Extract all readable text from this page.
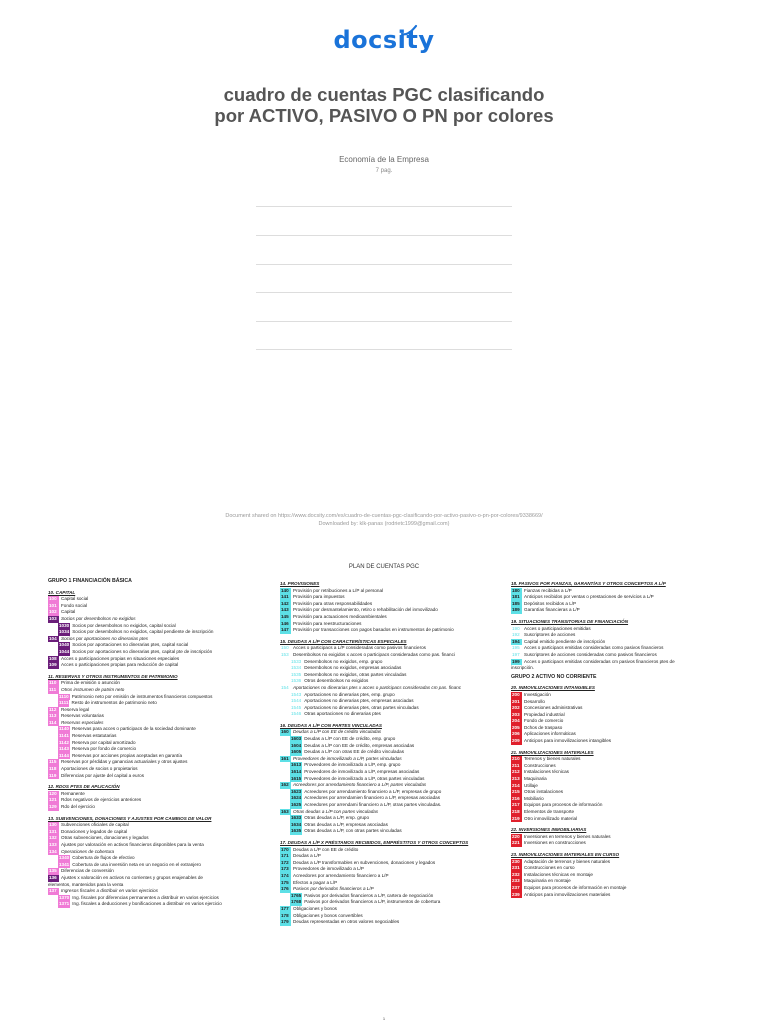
docsity
cuadro de cuentas PGC clasificando por ACTIVO, PASIVO O PN por colores
Economía de la Empresa
7 pag.
Document shared on https://www.docsity.com/es/cuadro-de-cuentas-pgc-clasificando-por-activo-pasivo-o-pn-por-colores/9338669/
Downloaded by: klk-panas (rodrietc1999@gmail.com)
PLAN DE CUENTAS PGC
GRUPO 1 FINANCIACIÓN BÁSICA
10. CAPITAL
100 Capital social
101 Fondo social
102 Capital
103 Socios por desembolsos no exigidos
1030 Socios por desembolsos no exigidos, capital social
1034 Socios por desembolsos no exigidos, capital pendiente de inscripción
104 Socios por aportaciones no dinerarias ptes
1040 Socios por aportaciones no dinerarias ptes, capital social
1044 Socios por aportaciones no dinerarias ptes, capital pte de inscripción
108 Acces o participaciones propias en situaciones especiales
109 Acces o participaciones propias para reducción de capital
11. RESERVAS Y OTROS INSTRUMENTOS DE PATRIMONIO
110 Prima de emisión o asunción
111 Otros instrumen de patrim neto
1110 Patrimonio neto por emisión de instrumentos financieros compuestos
1111 Resto de instrumentos de patrimonio neto
112 Reserva legal
113 Reservas voluntarias
114 Reservas especiales
1140 Reservas para acces o participacs de la sociedad dominante
1141 Reservas estatutarias
1142 Reserva por capital amortizado
1143 Reserva por fondo de comercio
1144 Reservas por acciones propias aceptadas en garantía
115 Reservas por pérdidas y ganancias actuariales y otros ajustes
118 Aportaciones de socios o propietarios
119 Diferencias por ajuste del capital a euros
12. RDOS PTES DE APLICACIÓN
120 Remanente
121 Rdos negativos de ejercicios anteriores
129 Rdo del ejercicio
13. SUBVENCIONES, DONACIONES Y AJUSTES POR CAMBIOS DE VALOR
130 Subvenciones oficiales de capital
131 Donaciones y legados de capital
132 Otras subvenciones, donaciones y legados
133 Ajustes por valoración en activos financieros disponibles para la venta
134 Operaciones de cobertura
1340 Cobertura de flujos de efectivo
1341 Cobertura de una inversión neta en un negocio en el extranjero
135 Diferencias de conversión
136 Ajustes x valoración en activos no corrientes y grupos enajenables de
elementos, mantenidos para la venta
137 Ingresos fiscales a distribuir en varios ejercicios
1370 Ing. fiscales por diferencias permanentes a distribuir en varios ejercicios
1371 Ing. fiscales a deducciones y bonificaciones a distribuir en varios ejercicio
14. PROVISIONES
140 Provisión por retribuciones a L/P al personal
141 Provisión para impuestos
142 Provisión para otras responsabilidades
143 Provisión por desmantelamiento, retiro o rehabilitación del inmovilizado
145 Provisión para actuaciones medioambientales
146 Provisión para reestructuraciones
147 Provisión por transacciones con pagos basados en instrumentos de patrimonio
15. DEUDAS A L/P CON CARACTERÍSTICAS ESPECIALES
150 Acces o participacs a L/P consideradas como pasivos financieros
153 Desembolsos no exigidos x acces o participacs consideradas como pas. financi
1533 Desembolsos no exigidos, emp. grupo
1534 Desembolsos no exigidos, empresas asociadas
1535 Desembolsos no exigidos, otras partes vinculadas
1536 Otros desembolsos no exigidos
154 Aportaciones no dinerarias ptes x acces o participacs consideradas cm pas. financ
1543 Aportaciones no dinerarias ptes, emp. grupo
1544 Aportaciones no dinerarias ptes, empresas asociadas
1545 Aportaciones no dinerarias ptes, otras partes vinculadas
1546 Otras aportaciones no dinerarias ptes
16. DEUDAS A L/P CON PARTES VINCULADAS
160 Deudas a L/P con EE de crédito vinculadas
1603 Deudas a L/P con EE de crédito, emp. grupo
1604 Deudas a L/P con EE de crédito, empresas asociadas
1605 Deudas a L/P con otras EE de crédito vinculadas
161 Proveedores de inmovilizado a L/P, partes vinculadas
1613 Proveedores de inmovilizado a L/P, emp. grupo
1614 Proveedores de inmovilizado a L/P, empresas asociadas
1615 Proveedores de inmovilizado a L/P, otras partes vinculadas
162 Acreedores por arrendamiento financiero a L/P, partes vinculadas
1623 Acreedores por arrendamiento financiero a L/P, empresas de grupo
1624 Acreedores por arrendamien financiero a L/P, empresas asociadas
1625 Acreedores por arrendami financiero a L/P, otras partes vinculadas.
163 Otras deudas a L/P con partes vinculadas
1633 Otras deudas a L/P, emp. grupo
1634 Otras deudas a L/P, empresas asociadas
1635 Otras deudas a L/P, con otras partes vinculadas
17. DEUDAS A L/P X PRÉSTAMOS RECIBIDOS, EMPRÉSTITOS Y OTROS CONCEPTOS
170 Deudas a L/P con EE de crédito
171 Deudas a L/P
172 Deudas a L/P transformables en subvenciones, donaciones y legados
173 Proveedores de inmovilizado a L/P
174 Acreedores por arrendamiento financiero a L/P
175 Efectos a pagar a L/P
176 Pasivos por derivados financieros a L/P
1765 Pasivos por derivados financieros a L/P, cartera de negociación
1768 Pasivos por derivados financieros a L/P, instrumentos de cobertura
177 Obligaciones y bonos
178 Obligaciones y bonos convertibles
179 Deudas representadas en otros valores negociables
18. PASIVOS POR FIANZAS, GARANTÍAS Y OTROS CONCEPTOS A L/P
180 Fianzas recibidas a L/P
181 Anticipos recibidos por ventas o prestaciones de servicios a L/P
185 Depósitos recibidos a L/P
189 Garantías financieras a L/P
19. SITUACIONES TRANSITORIAS DE FINANCIACIÓN
190 Acces o participaciones emitidas
192 Suscriptores de acciones
194 Capital emitido pendiente de inscripción
195 Acces o participacs emitidas consideradas como pasivos financieros
197 Suscriptores de acciones consideradas como pasivos financieros
199 Acces o participacs emitidas consideradas cm pasivos financieros ptes de
inscripción.
GRUPO 2 ACTIVO NO CORRIENTE
20. INMOVILIZACIONES INTANGIBLES
200 Investigación
201 Desarrollo
202 Concesiones administrativas
203 Propiedad industrial
204 Fondo de comercio
205 Dchos de traspaso
206 Aplicaciones informáticas
209 Anticipos para inmovilizaciones intangibles
21. INMOVILIZACIONES MATERIALES
210 Terrenos y bienes naturales
211 Construcciones
212 Instalaciones técnicas
213 Maquinaria
214 Utillaje
215 Otras instalaciones
216 Mobiliario
217 Equipos para procesos de información
218 Elementos de transporte
219 Otro inmovilizado material
22. INVERSIONES INMOBILIARIAS
220 Inversiones en terrenos y bienes naturales
221 Inversiones en construcciones
23. INMOVILIZACIONES MATERIALES EN CURSO
230 Adaptación de terrenos y bienes naturales
231 Construcciones en curso
232 Instalaciones técnicas en montaje
233 Maquinaria en montaje
237 Equipos para procesos de información en montaje
239 Anticipos para inmovilizaciones materiales
1
